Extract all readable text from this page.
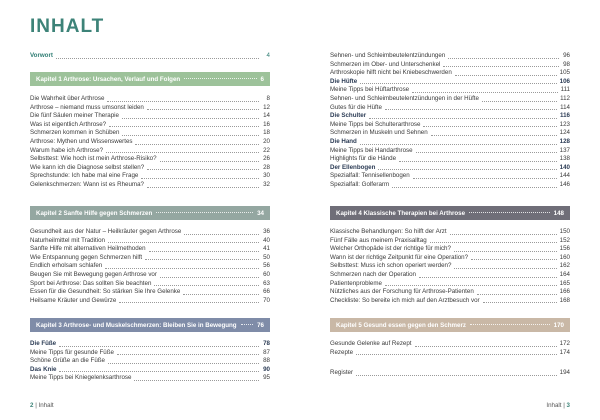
INHALT
Vorwort	4
Kapitel 1 Arthrose: Ursachen, Verlauf und Folgen	6
Die Wahrheit über Arthrose	8
Arthrose – niemand muss umsonst leiden	12
Die fünf Säulen meiner Therapie	14
Was ist eigentlich Arthrose?	16
Schmerzen kommen in Schüben	18
Arthrose: Mythen und Wissenswertes	20
Warum habe ich Arthrose?	22
Selbsttest: Wie hoch ist mein Arthrose-Risiko?	26
Wie kann ich die Diagnose selbst stellen?	28
Sprechstunde: Ich habe mal eine Frage	30
Gelenkschmerzen: Wann ist es Rheuma?	32
Kapitel 2 Sanfte Hilfe gegen Schmerzen	34
Gesundheit aus der Natur – Heilkräuter gegen Arthrose	36
Naturheilmittel mit Tradition	40
Sanfte Hilfe mit alternativen Heilmethoden	41
Wie Entspannung gegen Schmerzen hilft	50
Endlich erholsam schlafen	56
Beugen Sie mit Bewegung gegen Arthrose vor	60
Sport bei Arthrose: Das sollten Sie beachten	63
Essen für die Gesundheit: So stärken Sie Ihre Gelenke	66
Heilsame Kräuter und Gewürze	70
Kapitel 3 Arthrose- und Muskelschmerzen: Bleiben Sie in Bewegung	76
Die Füße	78
Meine Tipps für gesunde Füße	87
Schöne Grüße an die Füße	88
Das Knie	90
Meine Tipps bei Kniegelenksarthrose	95
Sehnen- und Schleimbeutelentzündungen	96
Schmerzen im Ober- und Unterschenkel	98
Arthroskopie hilft nicht bei Kniebeschwerden	105
Die Hüfte	106
Meine Tipps bei Hüftarthrose	111
Sehnen- und Schleimbeutelentzündungen in der Hüfte	112
Gutes für die Hüfte	114
Die Schulter	116
Meine Tipps bei Schulterarthrose	123
Schmerzen in Muskeln und Sehnen	124
Die Hand	128
Meine Tipps bei Handarthrose	137
Highlights für die Hände	138
Der Ellenbogen	140
Spezialfall: Tennisellenbogen	144
Spezialfall: Golferarm	146
Kapitel 4 Klassische Therapien bei Arthrose	148
Klassische Behandlungen: So hilft der Arzt	150
Fünf Fälle aus meinem Praxisalltag	152
Welcher Orthopäde ist der richtige für mich?	156
Wann ist der richtige Zeitpunkt für eine Operation?	160
Selbsttest: Muss ich schon operiert werden?	162
Schmerzen nach der Operation	164
Patientenprobleme	165
Nützliches aus der Forschung für Arthrose-Patienten	166
Checkliste: So bereite ich mich auf den Arztbesuch vor	168
Kapitel 5 Gesund essen gegen den Schmerz	170
Gesunde Gelenke auf Rezept	172
Rezepte	174
Register	194
2 | Inhalt	Inhalt | 3
